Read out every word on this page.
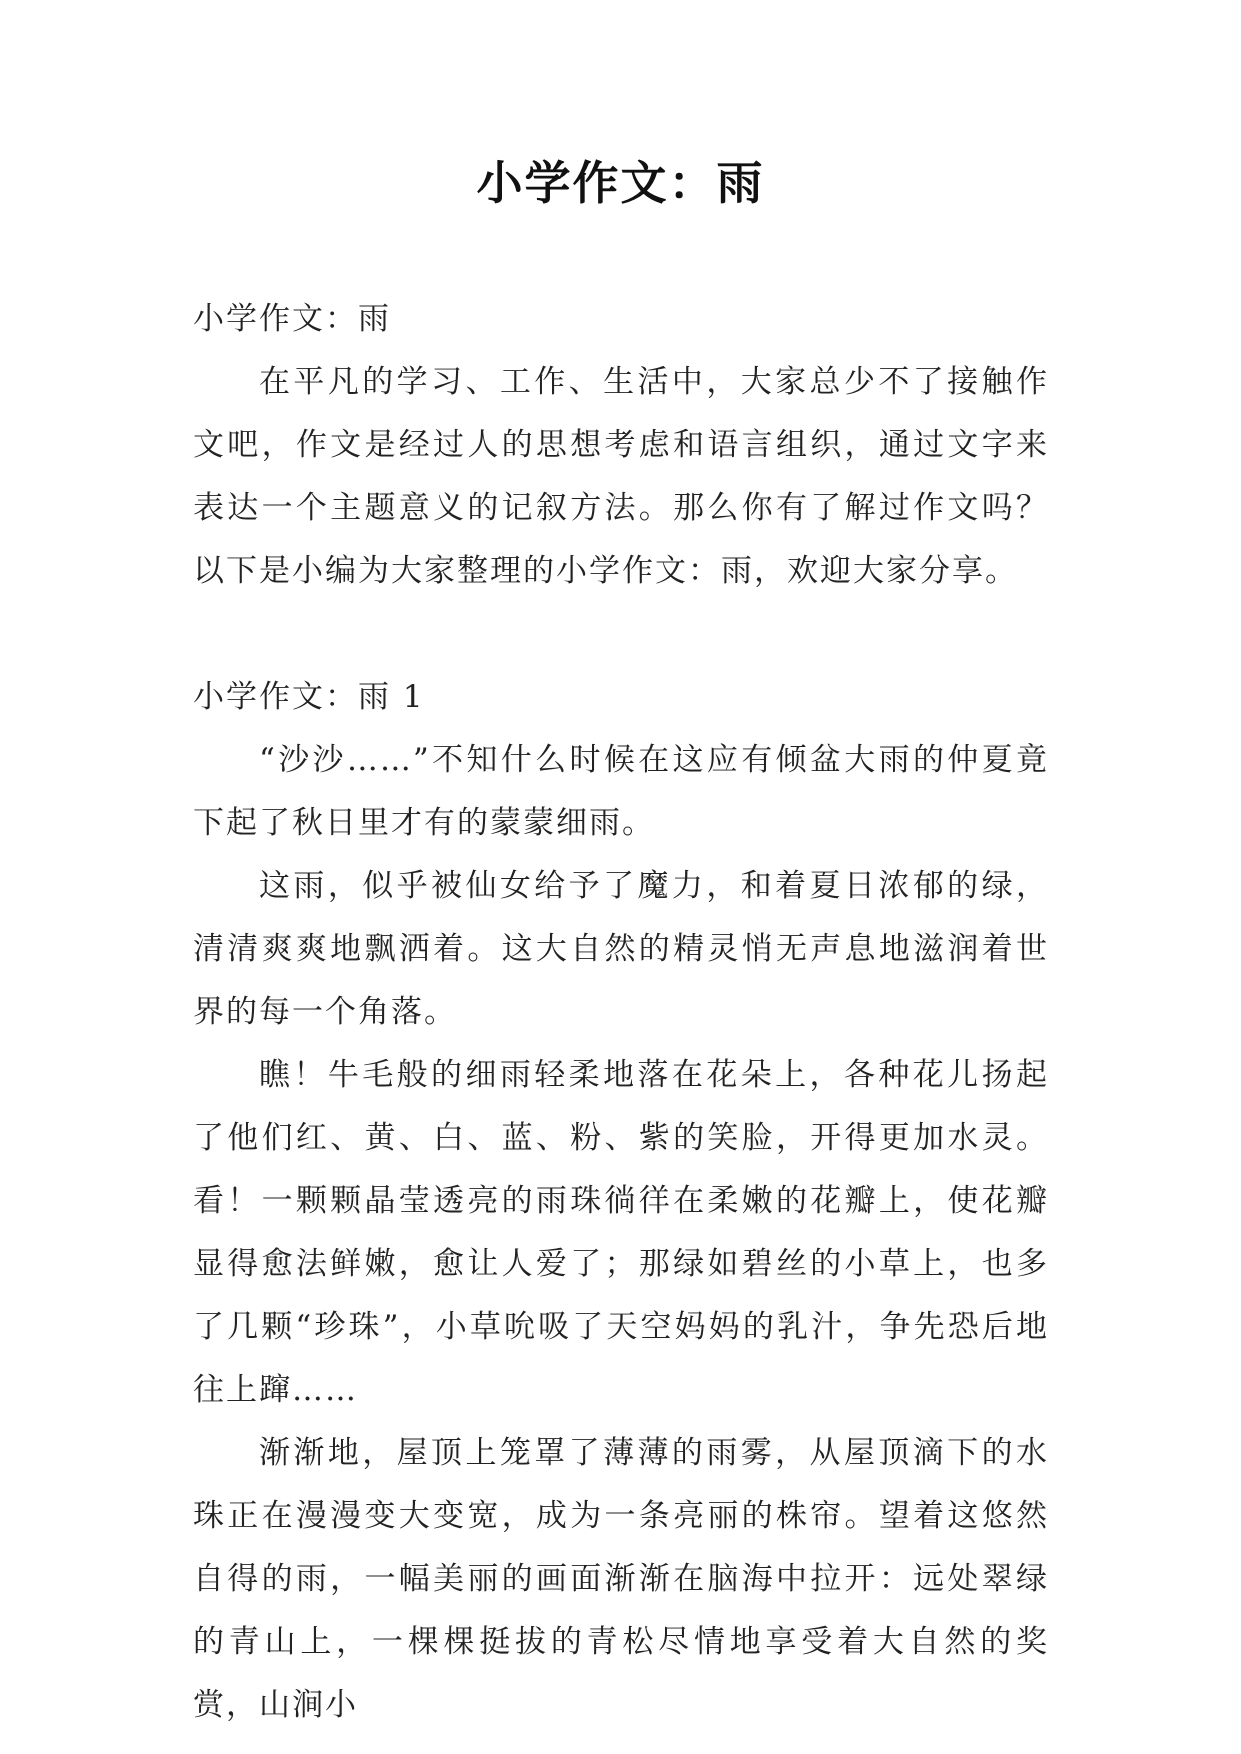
小学作文：雨

小学作文：雨

在平凡的学习、工作、生活中，大家总少不了接触作文吧，作文是经过人的思想考虑和语言组织，通过文字来表达一个主题意义的记叙方法。那么你有了解过作文吗？以下是小编为大家整理的小学作文：雨，欢迎大家分享。

小学作文：雨 1

“沙沙……”不知什么时候在这应有倾盆大雨的仲夏竟下起了秋日里才有的蒙蒙细雨。

这雨，似乎被仙女给予了魔力，和着夏日浓郁的绿，清清爽爽地飘洒着。这大自然的精灵悄无声息地滋润着世界的每一个角落。

瞧！牛毛般的细雨轻柔地落在花朵上，各种花儿扬起了他们红、黄、白、蓝、粉、紫的笑脸，开得更加水灵。看！一颗颗晶莹透亮的雨珠徜徉在柔嫩的花瓣上，使花瓣显得愈法鲜嫩，愈让人爱了；那绿如碧丝的小草上，也多了几颗“珍珠”，小草吮吸了天空妈妈的乳汁，争先恐后地往上蹿……

渐渐地，屋顶上笼罩了薄薄的雨雾，从屋顶滴下的水珠正在漫漫变大变宽，成为一条亮丽的株帘。望着这悠然自得的雨，一幅美丽的画面渐渐在脑海中拉开：远处翠绿的青山上，一棵棵挺拔的青松尽情地享受着大自然的奖赏，山涧小
